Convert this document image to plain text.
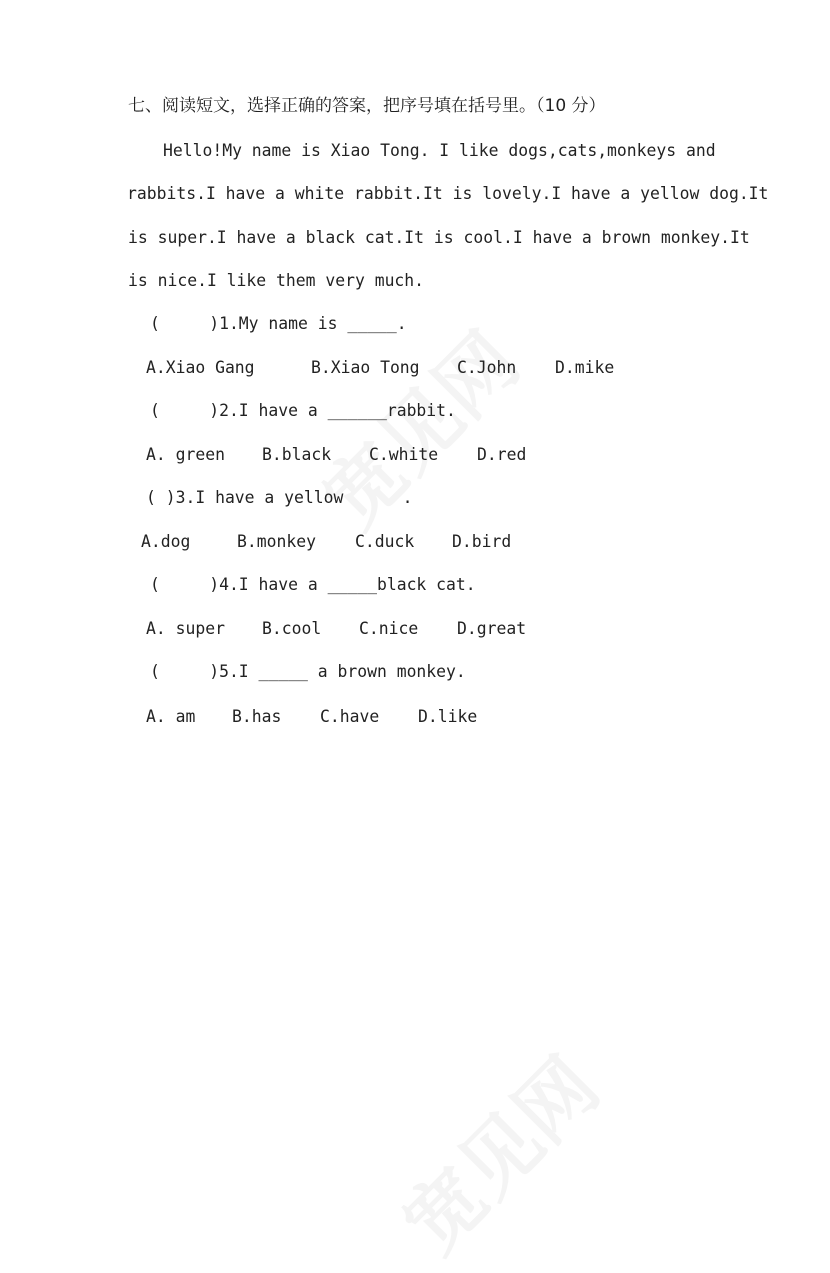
七、阅读短文，选择正确的答案，把序号填在括号里。（10 分）
Hello!My name is Xiao Tong. I like dogs,cats,monkeys and
rabbits.I have a white rabbit.It is lovely.I have a yellow dog.It
is super.I have a black cat.It is cool.I have a brown monkey.It
is nice.I like them very much.
(     )1.My name is _____.
A.Xiao Gang	B.Xiao Tong C.John D.mike
(     )2.I have a ______rabbit.
A. green B.black C.white D.red
( )3.I have a yellow      .
A.dog	B.monkey C.duck D.bird
(     )4.I have a _____black cat.
A. super B.cool C.nice D.great
(     )5.I _____ a brown monkey.
A. am B.has C.have D.like
